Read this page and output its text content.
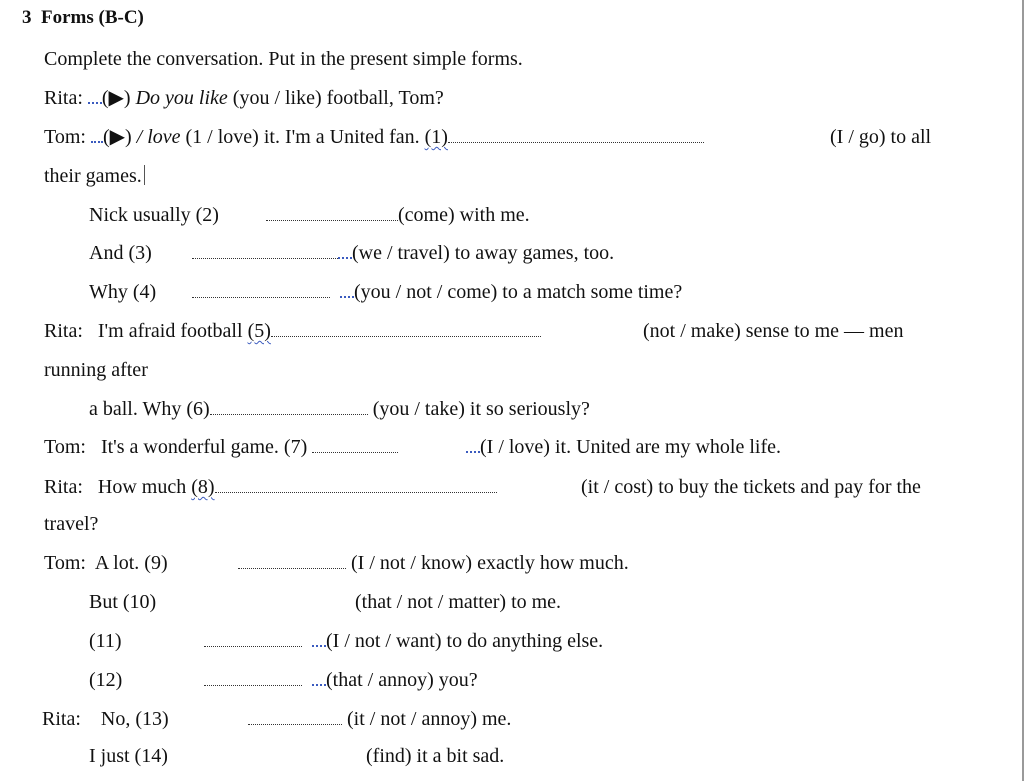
3 Forms (B-C)
Complete the conversation. Put in the present simple forms.
Rita: (▶) Do you like (you / like) football, Tom?
Tom: (▶) / love (1 / love) it. I'm a United fan. (1)	(I / go) to all
their games.
Nick usually (2)	(come) with me.
And (3)	(we / travel) to away games, too.
Why (4)	(you / not / come) to a match some time?
Rita: I'm afraid football (5)	(not / make) sense to me — men
running after
a ball. Why (6)	(you / take) it so seriously?
Tom: It's a wonderful game. (7)	(I / love) it. United are my whole life.
Rita: How much (8)	(it / cost) to buy the tickets and pay for the
travel?
Tom: A lot. (9)	(I / not / know) exactly how much.
But (10)	(that / not / matter) to me.
(11)	(I / not / want) to do anything else.
(12)	(that / annoy) you?
Rita: No, (13)	(it / not / annoy) me.
I just (14)	(find) it a bit sad.
